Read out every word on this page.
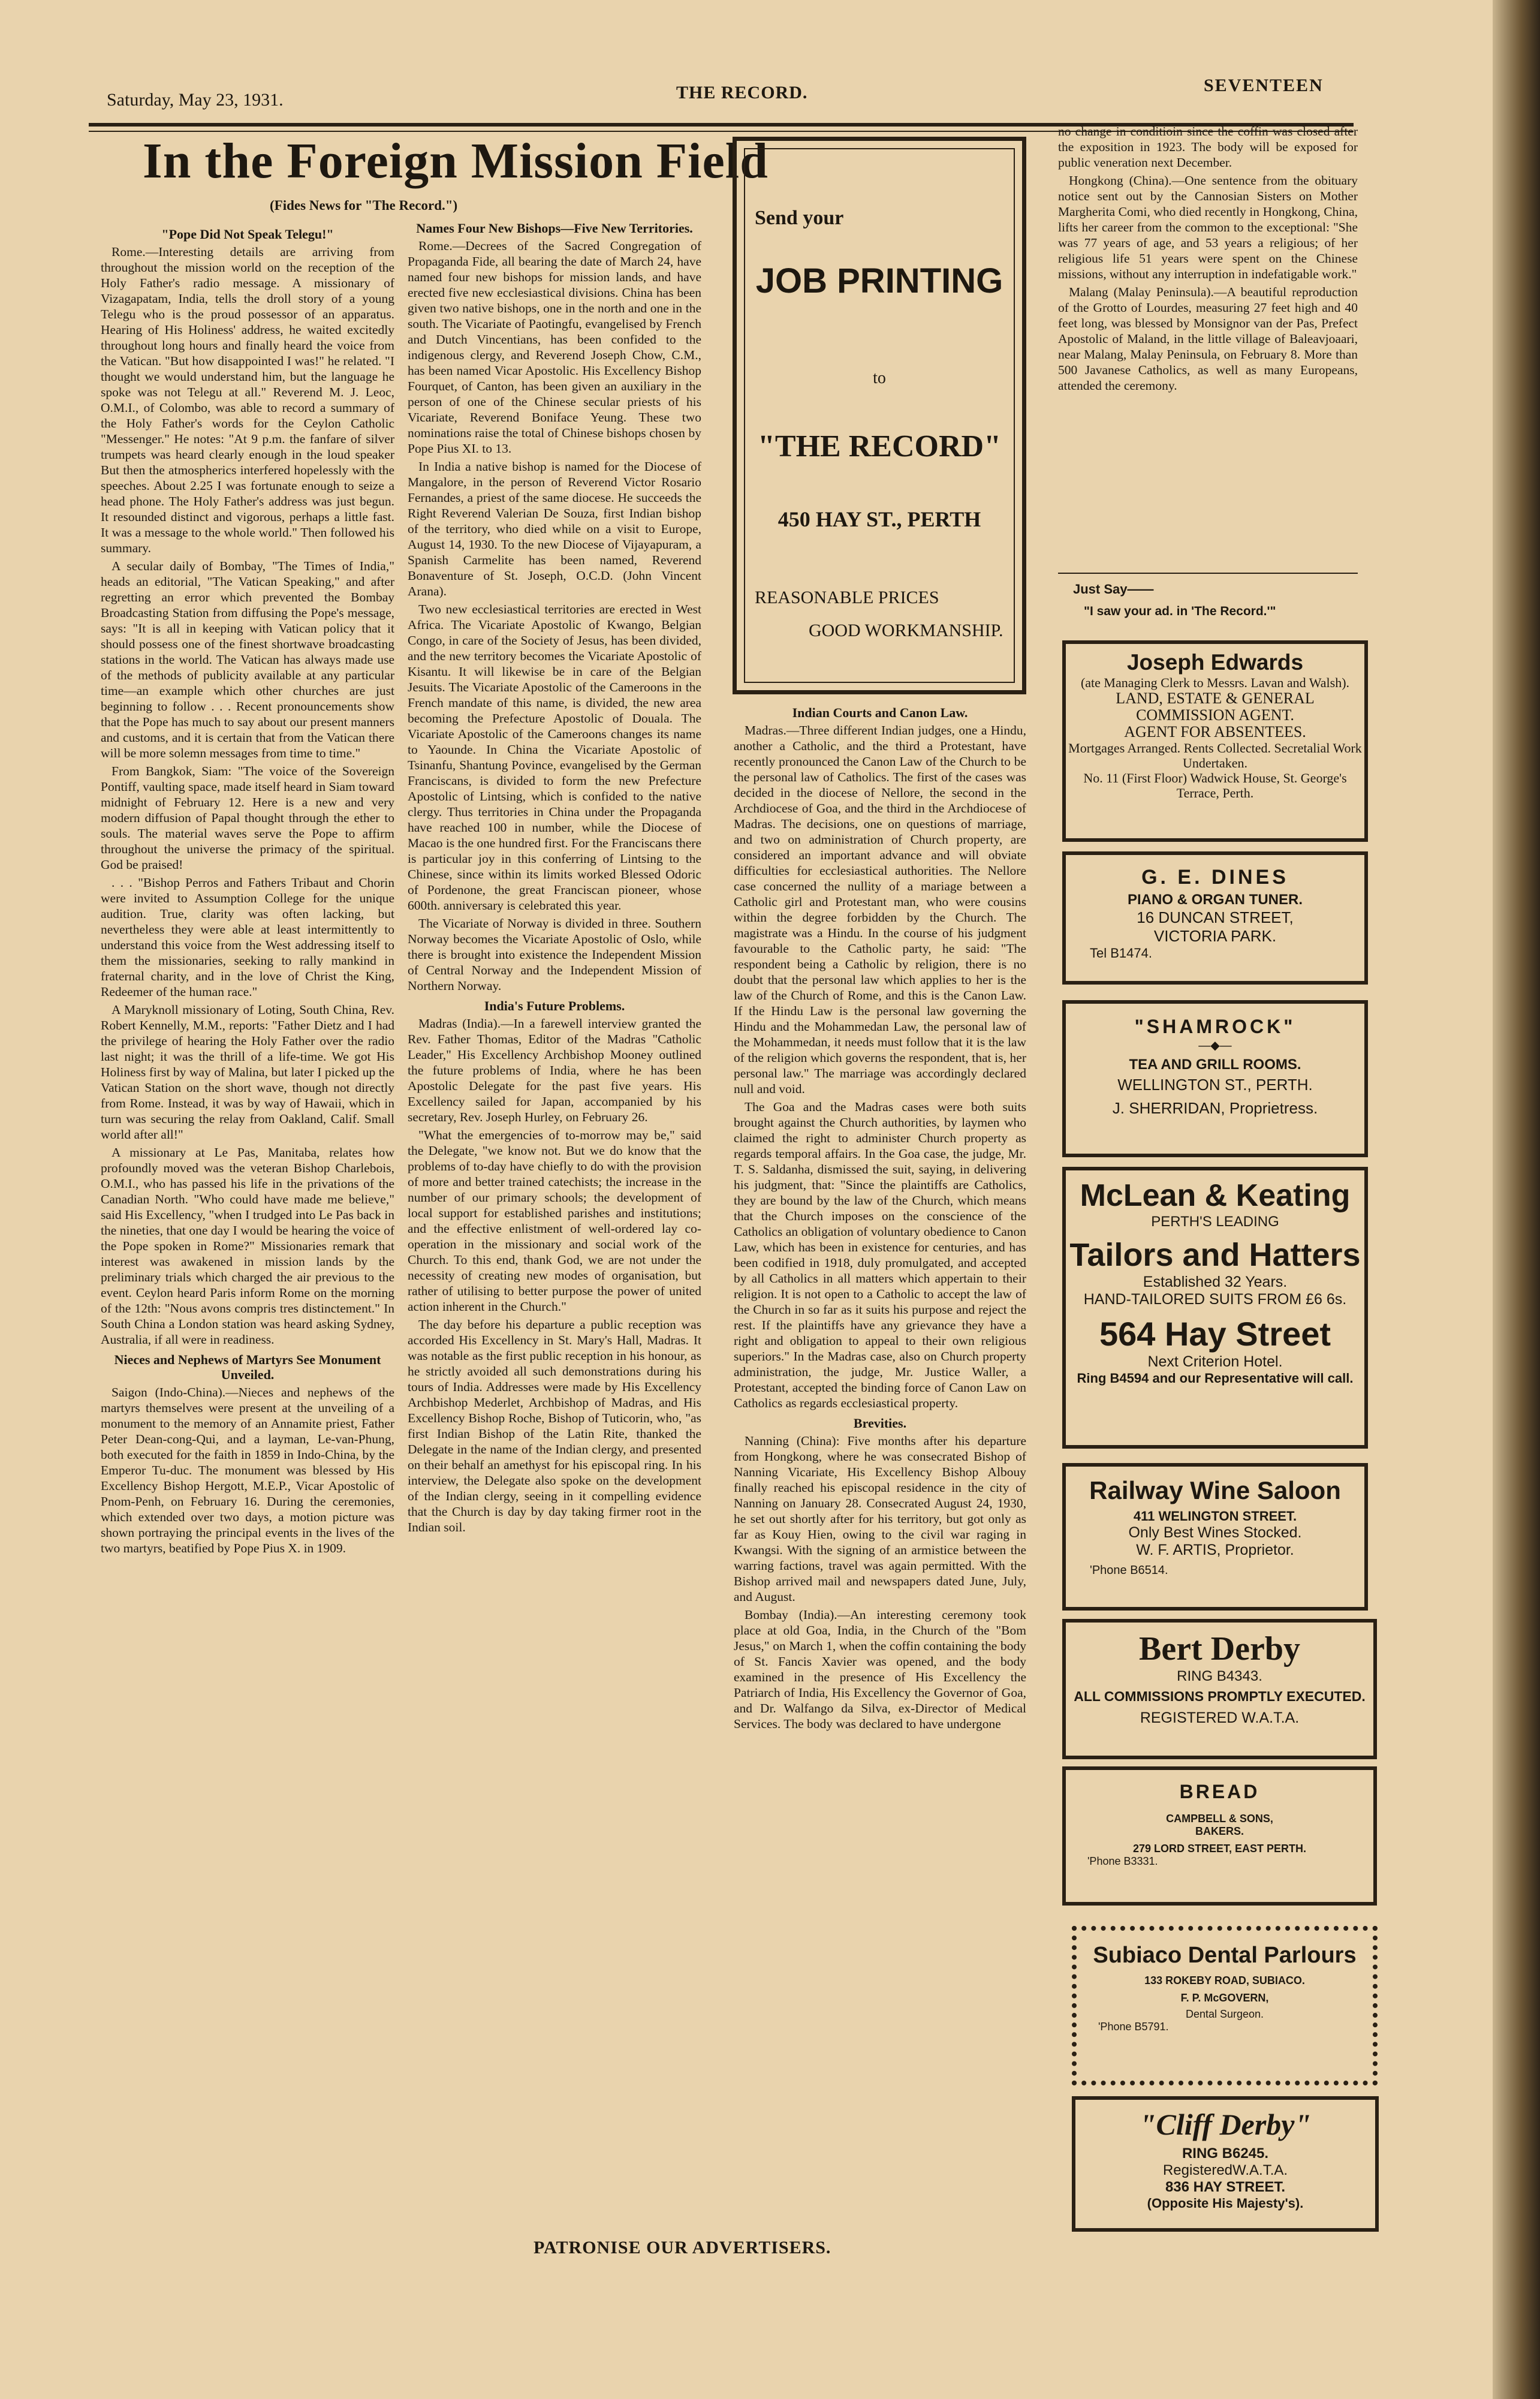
Saturday, May 23, 1931.	THE RECORD.	SEVENTEEN
In the Foreign Mission Field
(Fides News for "The Record.")
"Pope Did Not Speak Telegu!"

Rome.—Interesting details are arriving from throughout the mission world on the reception of the Holy Father's radio message. A missionary of Vizagapatam, India, tells the droll story of a young Telegu who is the proud possessor of an apparatus. Hearing of His Holiness' address, he waited excitedly throughout long hours and finally heard the voice from the Vatican. "But how disappointed I was!" he related. "I thought we would understand him, but the language he spoke was not Telegu at all." Reverend M. J. Leoc, O.M.I., of Colombo, was able to record a summary of the Holy Father's words for the Ceylon Catholic "Messenger." He notes: "At 9 p.m. the fanfare of silver trumpets was heard clearly enough in the loud speaker But then the atmospherics interfered hopelessly with the speeches. About 2.25 I was fortunate enough to seize a head phone. The Holy Father's address was just begun. It resounded distinct and vigorous, perhaps a little fast. It was a message to the whole world." Then followed his summary.

A secular daily of Bombay, "The Times of India," heads an editorial, "The Vatican Speaking," and after regretting an error which prevented the Bombay Broadcasting Station from diffusing the Pope's message, says: "It is all in keeping with Vatican policy that it should possess one of the finest shortwave broadcasting stations in the world. The Vatican has always made use of the methods of publicity available at any particular time—an example which other churches are just beginning to follow . . . Recent pronouncements show that the Pope has much to say about our present manners and customs, and it is certain that from the Vatican there will be more solemn messages from time to time."

From Bangkok, Siam: "The voice of the Sovereign Pontiff, vaulting space, made itself heard in Siam toward midnight of February 12. Here is a new and very modern diffusion of Papal thought through the ether to souls. The material waves serve the Pope to affirm throughout the universe the primacy of the spiritual. God be praised!

. . . "Bishop Perros and Fathers Tribaut and Chorin were invited to Assumption College for the unique audition. True, clarity was often lacking, but nevertheless they were able at least intermittently to understand this voice from the West addressing itself to them the missionaries, seeking to rally mankind in fraternal charity, and in the love of Christ the King, Redeemer of the human race."

A Maryknoll missionary of Loting, South China, Rev. Robert Kennelly, M.M., reports: "Father Dietz and I had the privilege of hearing the Holy Father over the radio last night; it was the thrill of a life-time. We got His Holiness first by way of Malina, but later I picked up the Vatican Station on the short wave, though not directly from Rome. Instead, it was by way of Hawaii, which in turn was securing the relay from Oakland, Calif. Small world after all!"

A missionary at Le Pas, Manitaba, relates how profoundly moved was the veteran Bishop Charlebois, O.M.I., who has passed his life in the privations of the Canadian North. "Who could have made me believe," said His Excellency, "when I trudged into Le Pas back in the nineties, that one day I would be hearing the voice of the Pope spoken in Rome?" Missionaries remark that interest was awakened in mission lands by the preliminary trials which charged the air previous to the event. Ceylon heard Paris inform Rome on the morning of the 12th: "Nous avons compris tres distinctement." In South China a London station was heard asking Sydney, Australia, if all were in readiness.

Nieces and Nephews of Martyrs See Monument Unveiled.

Saigon (Indo-China).—Nieces and nephews of the martyrs themselves were present at the unveiling of a monument to the memory of an Annamite priest, Father Peter Dean-cong-Qui, and a layman, Le-van-Phung, both executed for the faith in 1859 in Indo-China, by the Emperor Tu-duc. The monument was blessed by His Excellency Bishop Hergott, M.E.P., Vicar Apostolic of Pnom-Penh, on February 16. During the ceremonies, which extended over two days, a motion picture was shown portraying the principal events in the lives of the two martyrs, beatified by Pope Pius X. in 1909.

Names Four New Bishops—Five New Territories.

Rome.—Decrees of the Sacred Congregation of Propaganda Fide, all bearing the date of March 24, have named four new bishops for mission lands, and have erected five new ecclesiastical divisions. China has been given two native bishops, one in the north and one in the south. The Vicariate of Paotingfu, evangelised by French and Dutch Vincentians, has been confided to the indigenous clergy, and Reverend Joseph Chow, C.M., has been named Vicar Apostolic. His Excellency Bishop Fourquet, of Canton, has been given an auxiliary in the person of one of the Chinese secular priests of his Vicariate, Reverend Boniface Yeung. These two nominations raise the total of Chinese bishops chosen by Pope Pius XI. to 13.

In India a native bishop is named for the Diocese of Mangalore, in the person of Reverend Victor Rosario Fernandes, a priest of the same diocese. He succeeds the Right Reverend Valerian De Souza, first Indian bishop of the territory, who died while on a visit to Europe, August 14, 1930. To the new Diocese of Vijayapuram, a Spanish Carmelite has been named, Reverend Bonaventure of St. Joseph, O.C.D. (John Vincent Arana).

Two new ecclesiastical territories are erected in West Africa. The Vicariate Apostolic of Kwango, Belgian Congo, in care of the Society of Jesus, has been divided, and the new territory becomes the Vicariate Apostolic of Kisantu. It will likewise be in care of the Belgian Jesuits. The Vicariate Apostolic of the Cameroons in the French mandate of this name, is divided, the new area becoming the Prefecture Apostolic of Douala. The Vicariate Apostolic of the Cameroons changes its name to Yaounde. In China the Vicariate Apostolic of Tsinanfu, Shantung Povince, evangelised by the German Franciscans, is divided to form the new Prefecture Apostolic of Lintsing, which is confided to the native clergy. Thus territories in China under the Propaganda have reached 100 in number, while the Diocese of Macao is the one hundred first. For the Franciscans there is particular joy in this conferring of Lintsing to the Chinese, since within its limits worked Blessed Odoric of Pordenone, the great Franciscan pioneer, whose 600th. anniversary is celebrated this year.

The Vicariate of Norway is divided in three. Southern Norway becomes the Vicariate Apostolic of Oslo, while there is brought into existence the Independent Mission of Central Norway and the Independent Mission of Northern Norway.

India's Future Problems.

Madras (India).—In a farewell interview granted the Rev. Father Thomas, Editor of the Madras "Catholic Leader," His Excellency Archbishop Mooney outlined the future problems of India, where he has been Apostolic Delegate for the past five years. His Excellency sailed for Japan, accompanied by his secretary, Rev. Joseph Hurley, on February 26.

"What the emergencies of to-morrow may be," said the Delegate, "we know not. But we do know that the problems of to-day have chiefly to do with the provision of more and better trained catechists; the increase in the number of our primary schools; the development of local support for established parishes and institutions; and the effective enlistment of well-ordered lay co-operation in the missionary and social work of the Church. To this end, thank God, we are not under the necessity of creating new modes of organisation, but rather of utilising to better purpose the power of united action inherent in the Church."

The day before his departure a public reception was accorded His Excellency in St. Mary's Hall, Madras. It was notable as the first public reception in his honour, as he strictly avoided all such demonstrations during his tours of India. Addresses were made by His Excellency Archbishop Mederlet, Archbishop of Madras, and His Excellency Bishop Roche, Bishop of Tuticorin, who, "as first Indian Bishop of the Latin Rite, thanked the Delegate in the name of the Indian clergy, and presented on their behalf an amethyst for his episcopal ring. In his interview, the Delegate also spoke on the development of the Indian clergy, seeing in it compelling evidence that the Church is day by day taking firmer root in the Indian soil.

Send your
JOB PRINTING
to
"THE RECORD"
450 HAY ST., PERTH
REASONABLE PRICES
GOOD WORKMANSHIP.
Indian Courts and Canon Law.

Madras.—Three different Indian judges, one a Hindu, another a Catholic, and the third a Protestant, have recently pronounced the Canon Law of the Church to be the personal law of Catholics. The first of the cases was decided in the diocese of Nellore, the second in the Archdiocese of Goa, and the third in the Archdiocese of Madras. The decisions, one on questions of marriage, and two on administration of Church property, are considered an important advance and will obviate difficulties for ecclesiastical authorities. The Nellore case concerned the nullity of a mariage between a Catholic girl and Protestant man, who were cousins within the degree forbidden by the Church. The magistrate was a Hindu. In the course of his judgment favourable to the Catholic party, he said: "The respondent being a Catholic by religion, there is no doubt that the personal law which applies to her is the law of the Church of Rome, and this is the Canon Law. If the Hindu Law is the personal law governing the Hindu and the Mohammedan Law, the personal law of the Mohammedan, it needs must follow that it is the law of the religion which governs the respondent, that is, her personal law." The marriage was accordingly declared null and void.

The Goa and the Madras cases were both suits brought against the Church authorities, by laymen who claimed the right to administer Church property as regards temporal affairs. In the Goa case, the judge, Mr. T. S. Saldanha, dismissed the suit, saying, in delivering his judgment, that: "Since the plaintiffs are Catholics, they are bound by the law of the Church, which means that the Church imposes on the conscience of the Catholics an obligation of voluntary obedience to Canon Law, which has been in existence for centuries, and has been codified in 1918, duly promulgated, and accepted by all Catholics in all matters which appertain to their religion. It is not open to a Catholic to accept the law of the Church in so far as it suits his purpose and reject the rest. If the plaintiffs have any grievance they have a right and obligation to appeal to their own religious superiors." In the Madras case, also on Church property administration, the judge, Mr. Justice Waller, a Protestant, accepted the binding force of Canon Law on Catholics as regards ecclesiastical property.

Brevities.

Nanning (China): Five months after his departure from Hongkong, where he was consecrated Bishop of Nanning Vicariate, His Excellency Bishop Albouy finally reached his episcopal residence in the city of Nanning on January 28. Consecrated August 24, 1930, he set out shortly after for his territory, but got only as far as Kouy Hien, owing to the civil war raging in Kwangsi. With the signing of an armistice between the warring factions, travel was again permitted. With the Bishop arrived mail and newspapers dated June, July, and August.

Bombay (India).—An interesting ceremony took place at old Goa, India, in the Church of the "Bom Jesus," on March 1, when the coffin containing the body of St. Fancis Xavier was opened, and the body examined in the presence of His Excellency the Patriarch of India, His Excellency the Governor of Goa, and Dr. Walfango da Silva, ex-Director of Medical Services. The body was declared to have undergone

no change in conditioin since the coffin was closed after the exposition in 1923. The body will be exposed for public veneration next December.

Hongkong (China).—One sentence from the obituary notice sent out by the Cannosian Sisters on Mother Margherita Comi, who died recently in Hongkong, China, lifts her career from the common to the exceptional: "She was 77 years of age, and 53 years a religious; of her religious life 51 years were spent on the Chinese missions, without any interruption in indefatigable work."

Malang (Malay Peninsula).—A beautiful reproduction of the Grotto of Lourdes, measuring 27 feet high and 40 feet long, was blessed by Monsignor van der Pas, Prefect Apostolic of Maland, in the little village of Baleavjoaari, near Malang, Malay Peninsula, on February 8. More than 500 Javanese Catholics, as well as many Europeans, attended the ceremony.

Just Say——
"I saw your ad. in 'The Record.'"
Joseph Edwards
(ate Managing Clerk to Messrs. Lavan and Walsh).
LAND, ESTATE & GENERAL COMMISSION AGENT.
AGENT FOR ABSENTEES.
Mortgages Arranged. Rents Collected. Secretalial Work Undertaken.
No. 11 (First Floor) Wadwick House, St. George's Terrace, Perth.
G. E. DINES
PIANO & ORGAN TUNER.
16 DUNCAN STREET,
VICTORIA PARK.
Tel B1474.
"SHAMROCK"
—◆—
TEA AND GRILL ROOMS.
WELLINGTON ST., PERTH.
J. SHERRIDAN, Proprietress.
McLean & Keating
PERTH'S LEADING
Tailors and Hatters
Established 32 Years.
HAND-TAILORED SUITS FROM £6 6s.
564 Hay Street
Next Criterion Hotel.
Ring B4594 and our Representative will call.
Railway Wine Saloon
411 WELINGTON STREET.
Only Best Wines Stocked.
W. F. ARTIS, Proprietor.
'Phone B6514.
Bert Derby
RING B4343.
ALL COMMISSIONS PROMPTLY EXECUTED.
REGISTERED W.A.T.A.
BREAD
CAMPBELL & SONS,
BAKERS.
279 LORD STREET, EAST PERTH.
'Phone B3331.
Subiaco Dental Parlours
133 ROKEBY ROAD, SUBIACO.
F. P. McGOVERN,
Dental Surgeon.
'Phone B5791.
"Cliff Derby"
RING B6245.
RegisteredW.A.T.A.
836 HAY STREET.
(Opposite His Majesty's).
PATRONISE OUR ADVERTISERS.
